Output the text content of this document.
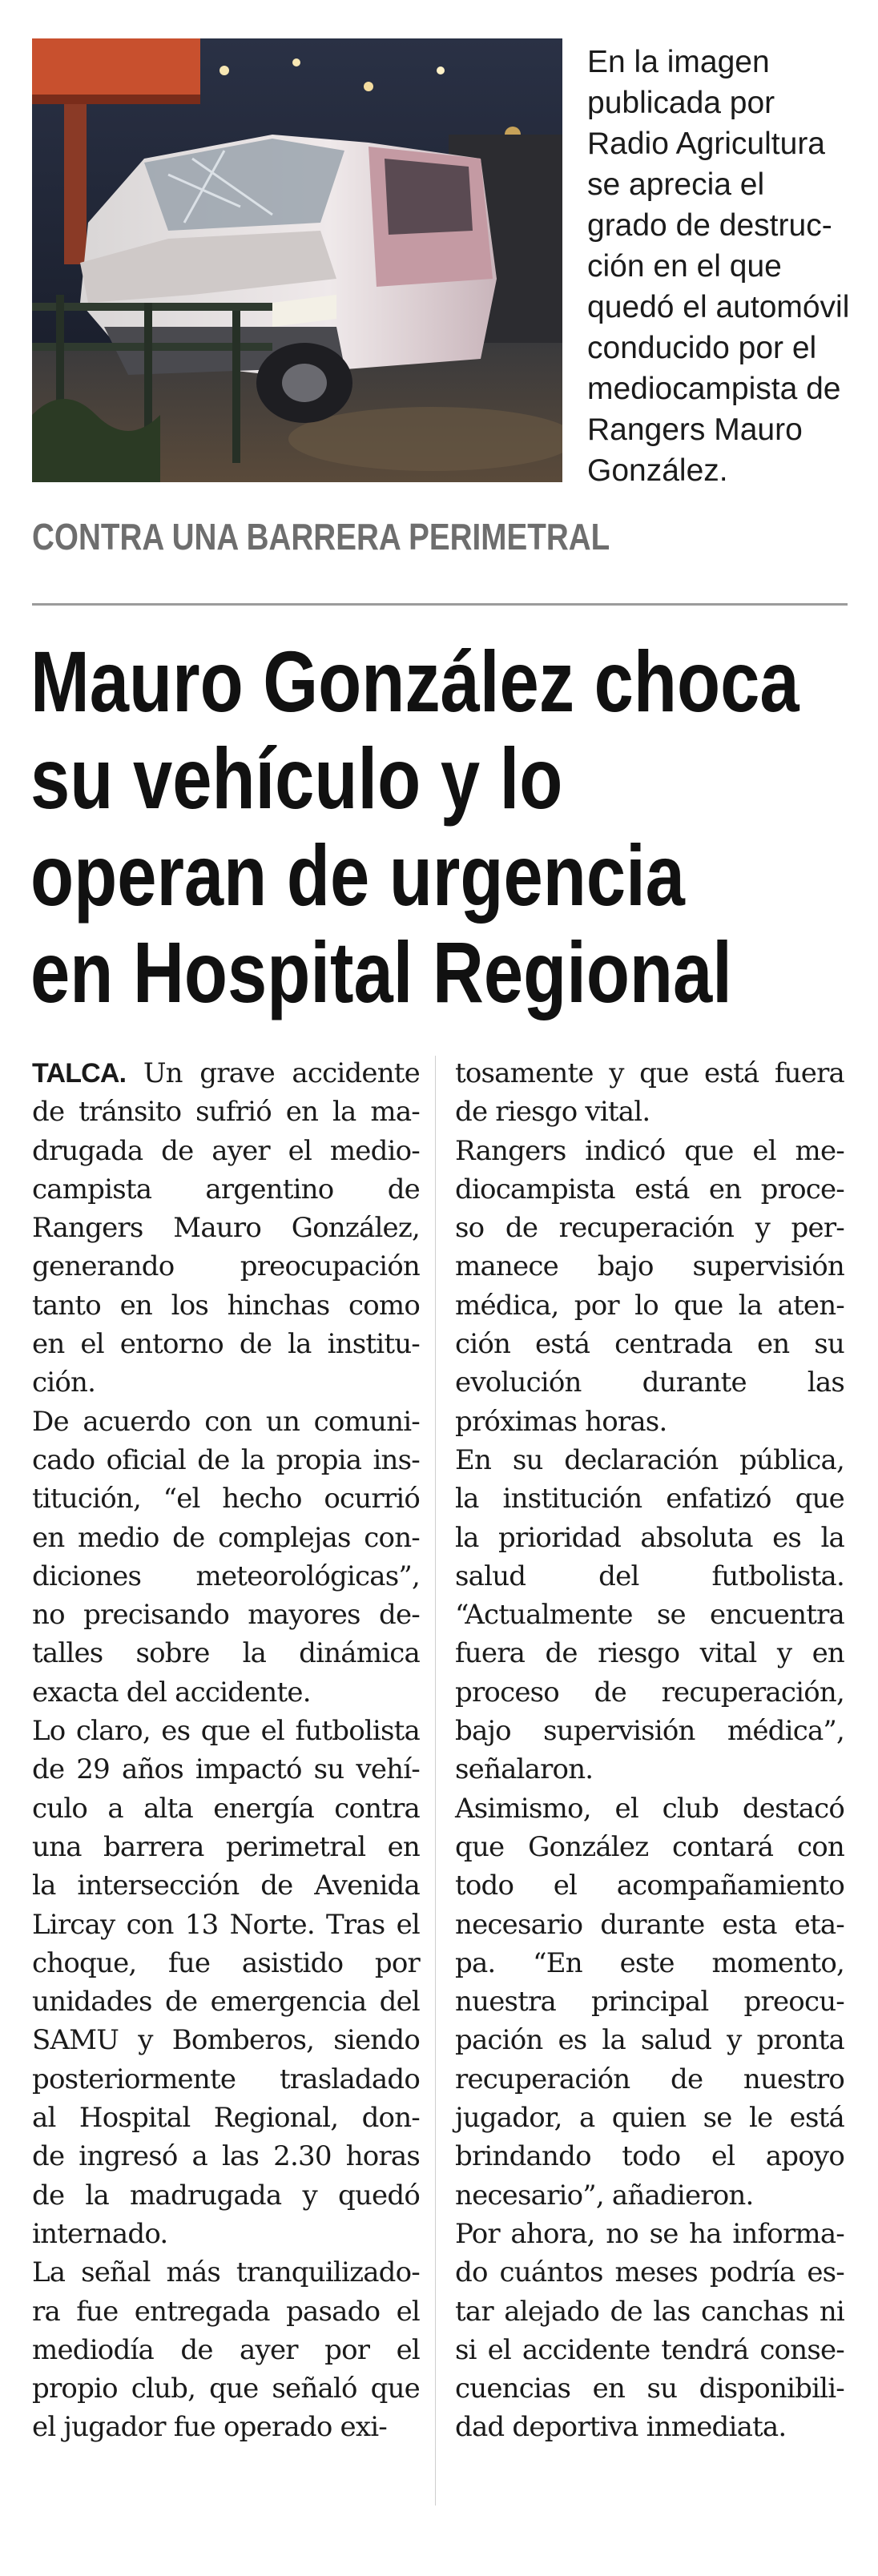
En la imagen
publicada por
Radio Agricultura
se aprecia el
grado de destruc-
ción en el que
quedó el automóvil
conducido por el
mediocampista de
Rangers Mauro
González.

CONTRA UNA BARRERA PERIMETRAL

Mauro González choca
su vehículo y lo
operan de urgencia
en Hospital Regional
TALCA. Un grave accidente
de tránsito sufrió en la ma-
drugada de ayer el medio-
campista argentino de
Rangers Mauro González,
generando preocupación
tanto en los hinchas como
en el entorno de la institu-
ción.
De acuerdo con un comuni-
cado oficial de la propia ins-
titución, “el hecho ocurrió
en medio de complejas con-
diciones meteorológicas”,
no precisando mayores de-
talles sobre la dinámica
exacta del accidente.
Lo claro, es que el futbolista
de 29 años impactó su vehí-
culo a alta energía contra
una barrera perimetral en
la intersección de Avenida
Lircay con 13 Norte. Tras el
choque, fue asistido por
unidades de emergencia del
SAMU y Bomberos, siendo
posteriormente trasladado
al Hospital Regional, don-
de ingresó a las 2.30 horas
de la madrugada y quedó
internado.
La señal más tranquilizado-
ra fue entregada pasado el
mediodía de ayer por el
propio club, que señaló que
el jugador fue operado exi-
tosamente y que está fuera
de riesgo vital.
Rangers indicó que el me-
diocampista está en proce-
so de recuperación y per-
manece bajo supervisión
médica, por lo que la aten-
ción está centrada en su
evolución durante las
próximas horas.
En su declaración pública,
la institución enfatizó que
la prioridad absoluta es la
salud del futbolista.
“Actualmente se encuentra
fuera de riesgo vital y en
proceso de recuperación,
bajo supervisión médica”,
señalaron.
Asimismo, el club destacó
que González contará con
todo el acompañamiento
necesario durante esta eta-
pa. “En este momento,
nuestra principal preocu-
pación es la salud y pronta
recuperación de nuestro
jugador, a quien se le está
brindando todo el apoyo
necesario”, añadieron.
Por ahora, no se ha informa-
do cuántos meses podría es-
tar alejado de las canchas ni
si el accidente tendrá conse-
cuencias en su disponibili-
dad deportiva inmediata.
